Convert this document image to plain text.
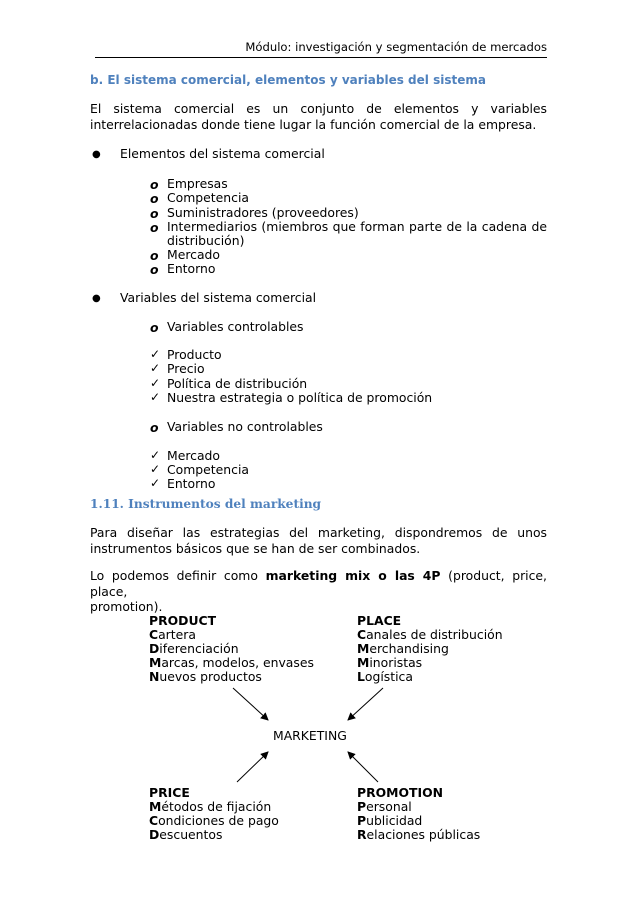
Módulo: investigación y segmentación de mercados
b. El sistema comercial, elementos y variables del sistema
El sistema comercial es un conjunto de elementos y variables
interrelacionadas donde tiene lugar la función comercial de la empresa.
● Elementos del sistema comercial
o Empresas
o Competencia
o Suministradores (proveedores)
o Intermediarios (miembros que forman parte de la cadena de
distribución)
o Mercado
o Entorno
● Variables del sistema comercial
o Variables controlables
✓ Producto
✓ Precio
✓ Política de distribución
✓ Nuestra estrategia o política de promoción
o Variables no controlables
✓ Mercado
✓ Competencia
✓ Entorno
1.11. Instrumentos del marketing
Para diseñar las estrategias del marketing, dispondremos de unos
instrumentos básicos que se han de ser combinados.
Lo podemos definir como marketing mix o las 4P (product, price, place,
promotion).
PRODUCT
Cartera
Diferenciación
Marcas, modelos, envases
Nuevos productos
PLACE
Canales de distribución
Merchandising
Minoristas
Logística
MARKETING
PRICE
Métodos de fijación
Condiciones de pago
Descuentos
PROMOTION
Personal
Publicidad
Relaciones públicas
